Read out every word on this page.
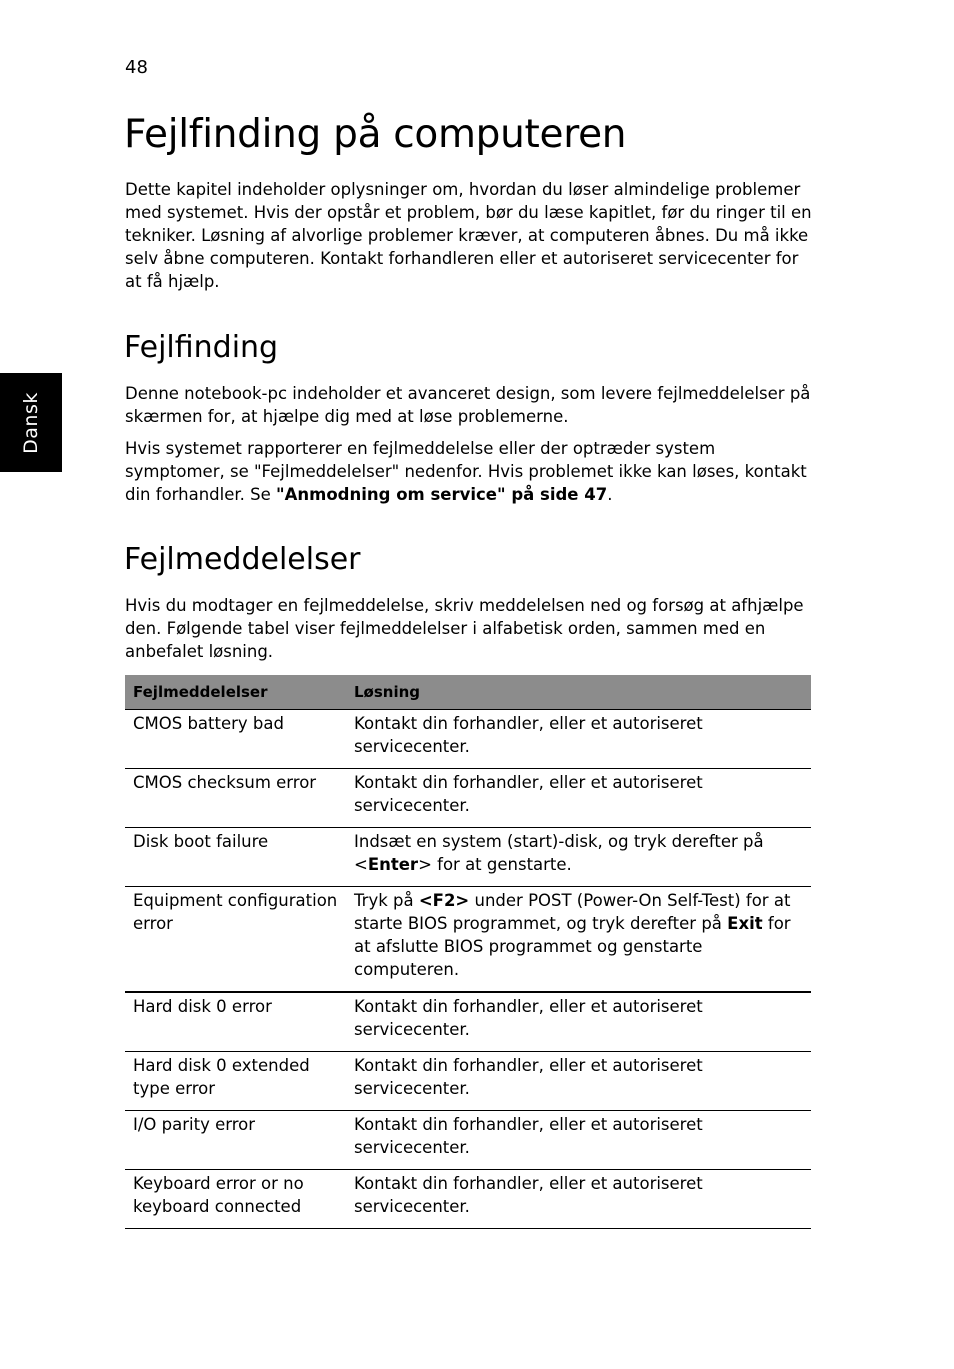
48
Dansk
Fejlfinding på computeren

Dette kapitel indeholder oplysninger om, hvordan du løser almindelige problemer med systemet. Hvis der opstår et problem, bør du læse kapitlet, før du ringer til en tekniker. Løsning af alvorlige problemer kræver, at computeren åbnes. Du må ikke selv åbne computeren. Kontakt forhandleren eller et autoriseret servicecenter for at få hjælp.

Fejlfinding

Denne notebook-pc indeholder et avanceret design, som levere fejlmeddelelser på skærmen for, at hjælpe dig med at løse problemerne.

Hvis systemet rapporterer en fejlmeddelelse eller der optræder system symptomer, se "Fejlmeddelelser" nedenfor. Hvis problemet ikke kan løses, kontakt din forhandler. Se "Anmodning om service" på side 47.

Fejlmeddelelser

Hvis du modtager en fejlmeddelelse, skriv meddelelsen ned og forsøg at afhjælpe den. Følgende tabel viser fejlmeddelelser i alfabetisk orden, sammen med en anbefalet løsning.

Fejlmeddelelser	Løsning
CMOS battery bad	Kontakt din forhandler, eller et autoriseret servicecenter.
CMOS checksum error	Kontakt din forhandler, eller et autoriseret servicecenter.
Disk boot failure	Indsæt en system (start)-disk, og tryk derefter på <Enter> for at genstarte.
Equipment configuration error	Tryk på <F2> under POST (Power-On Self-Test) for at starte BIOS programmet, og tryk derefter på Exit for at afslutte BIOS programmet og genstarte computeren.
Hard disk 0 error	Kontakt din forhandler, eller et autoriseret servicecenter.
Hard disk 0 extended type error	Kontakt din forhandler, eller et autoriseret servicecenter.
I/O parity error	Kontakt din forhandler, eller et autoriseret servicecenter.
Keyboard error or no keyboard connected	Kontakt din forhandler, eller et autoriseret servicecenter.
